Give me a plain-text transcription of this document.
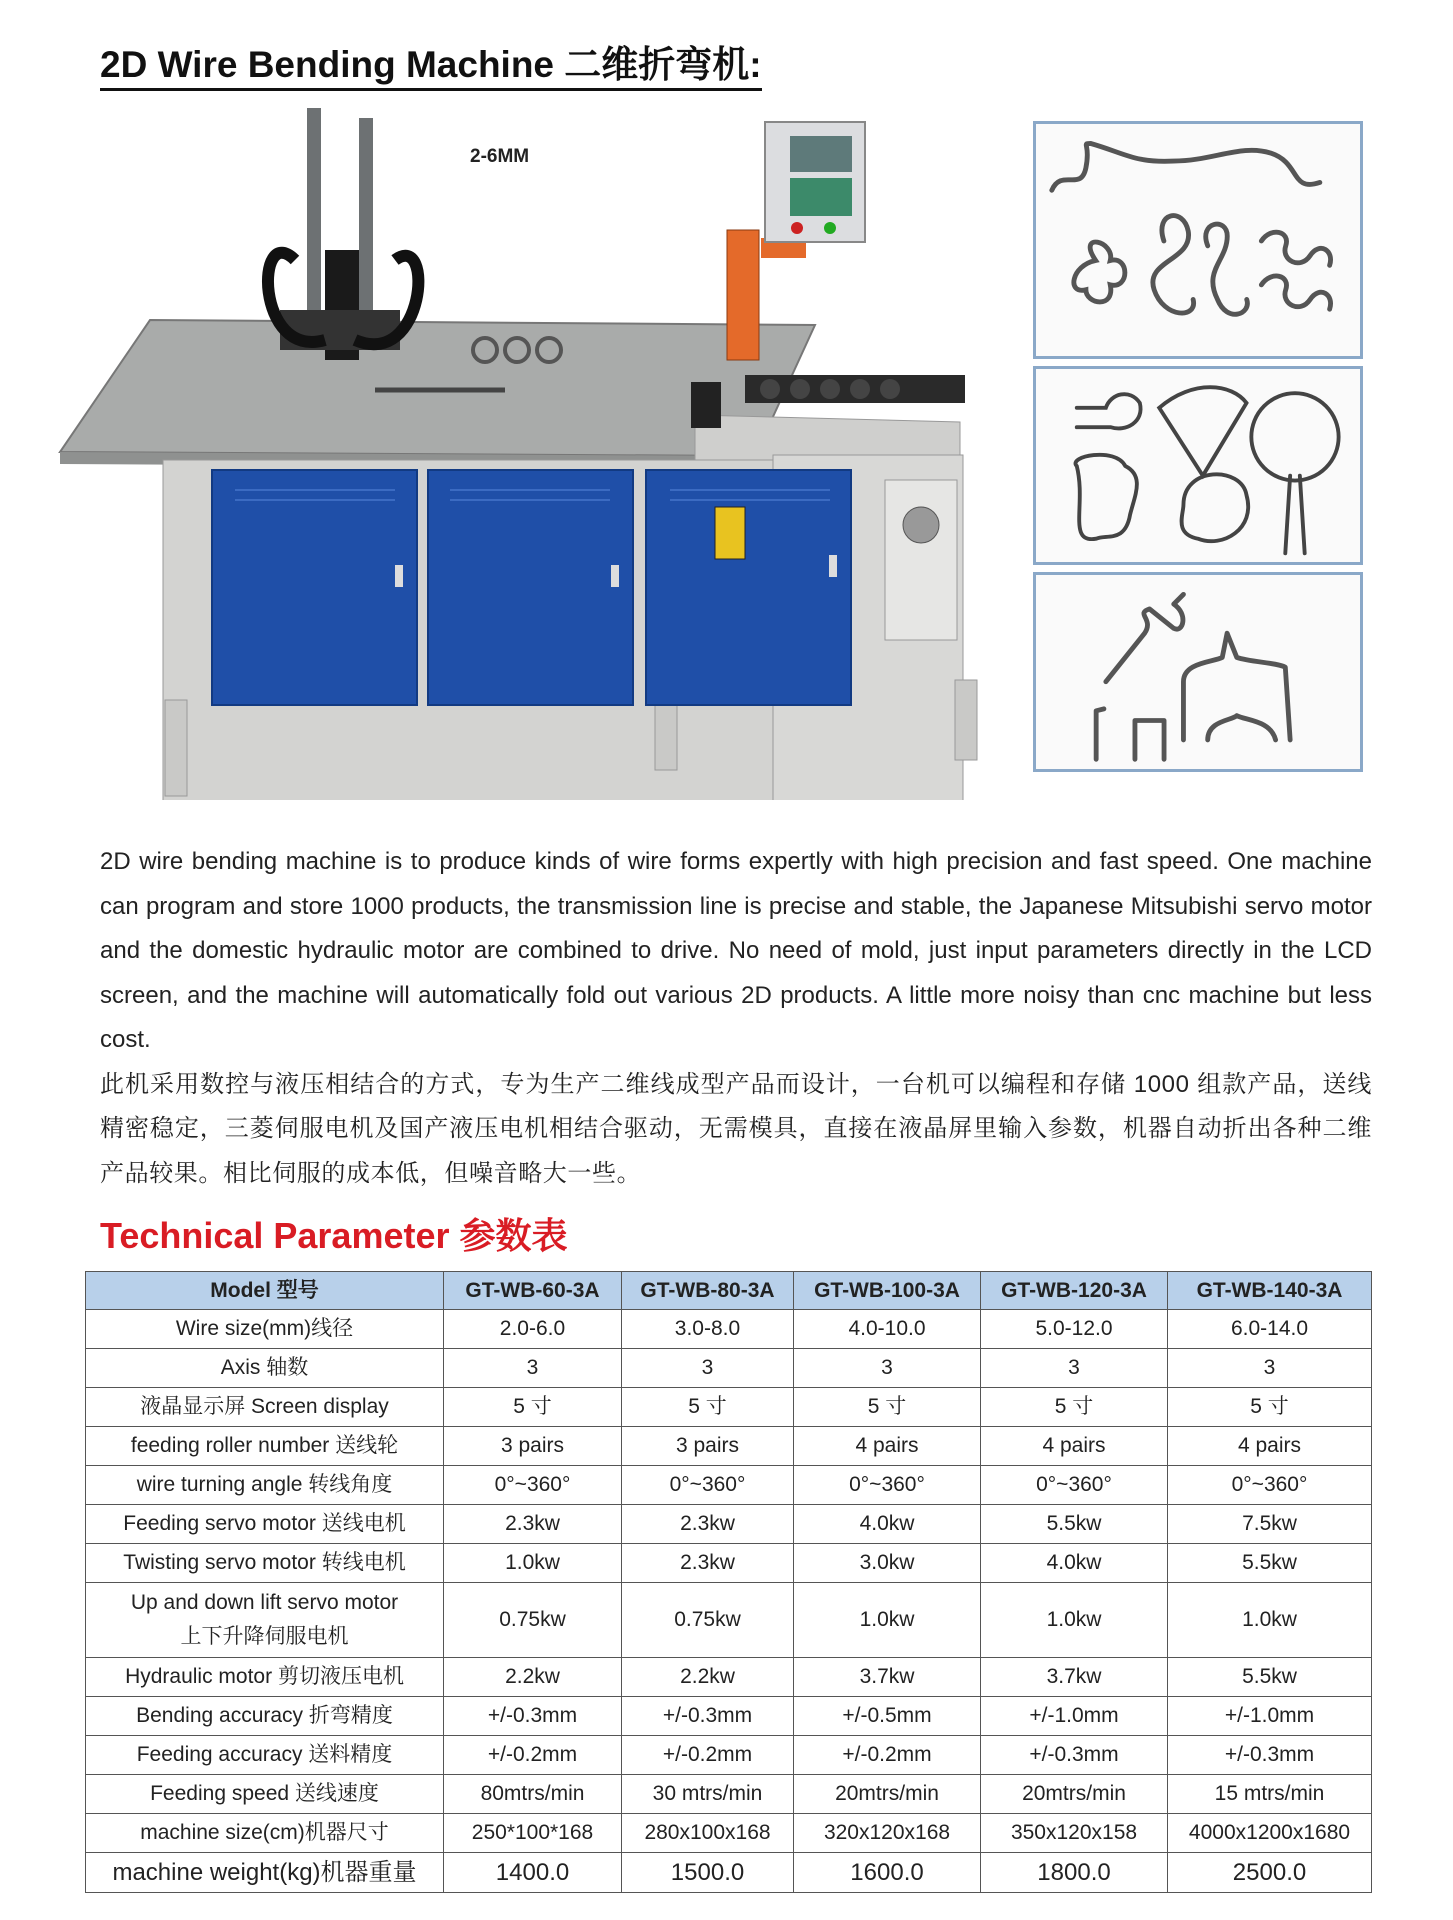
2D Wire Bending Machine 二维折弯机:
2-6MM

2D wire bending machine is to produce kinds of wire forms expertly with high precision and fast speed. One machine can program and store 1000 products, the transmission line is precise and stable, the Japanese Mitsubishi servo motor and the domestic hydraulic motor are combined to drive. No need of mold, just input parameters directly in the LCD screen, and the machine will automatically fold out various 2D products. A little more noisy than cnc machine but less cost.

此机采用数控与液压相结合的方式，专为生产二维线成型产品而设计，一台机可以编程和存储 1000 组款产品，送线精密稳定，三菱伺服电机及国产液压电机相结合驱动，无需模具，直接在液晶屏里输入参数，机器自动折出各种二维产品较果。相比伺服的成本低，但噪音略大一些。

Technical Parameter 参数表
Model 型号	GT-WB-60-3A	GT-WB-80-3A	GT-WB-100-3A	GT-WB-120-3A	GT-WB-140-3A
Wire size(mm)线径	2.0-6.0	3.0-8.0	4.0-10.0	5.0-12.0	6.0-14.0
Axis 轴数	3	3	3	3	3
液晶显示屏 Screen display	5 寸	5 寸	5 寸	5 寸	5 寸
feeding roller number 送线轮	3 pairs	3 pairs	4 pairs	4 pairs	4 pairs
wire turning angle 转线角度	0°~360°	0°~360°	0°~360°	0°~360°	0°~360°
Feeding servo motor 送线电机	2.3kw	2.3kw	4.0kw	5.5kw	7.5kw
Twisting servo motor 转线电机	1.0kw	2.3kw	3.0kw	4.0kw	5.5kw

Up and down lift servo motor
上下升降伺服电机	0.75kw	0.75kw	1.0kw	1.0kw	1.0kw
Hydraulic motor 剪切液压电机	2.2kw	2.2kw	3.7kw	3.7kw	5.5kw
Bending accuracy 折弯精度	+/-0.3mm	+/-0.3mm	+/-0.5mm	+/-1.0mm	+/-1.0mm
Feeding accuracy 送料精度	+/-0.2mm	+/-0.2mm	+/-0.2mm	+/-0.3mm	+/-0.3mm
Feeding speed 送线速度	80mtrs/min	30 mtrs/min	20mtrs/min	20mtrs/min	15 mtrs/min
machine size(cm)机器尺寸	250*100*168	280x100x168	320x120x168	350x120x158	4000x1200x1680
machine weight(kg)机器重量	1400.0	1500.0	1600.0	1800.0	2500.0
